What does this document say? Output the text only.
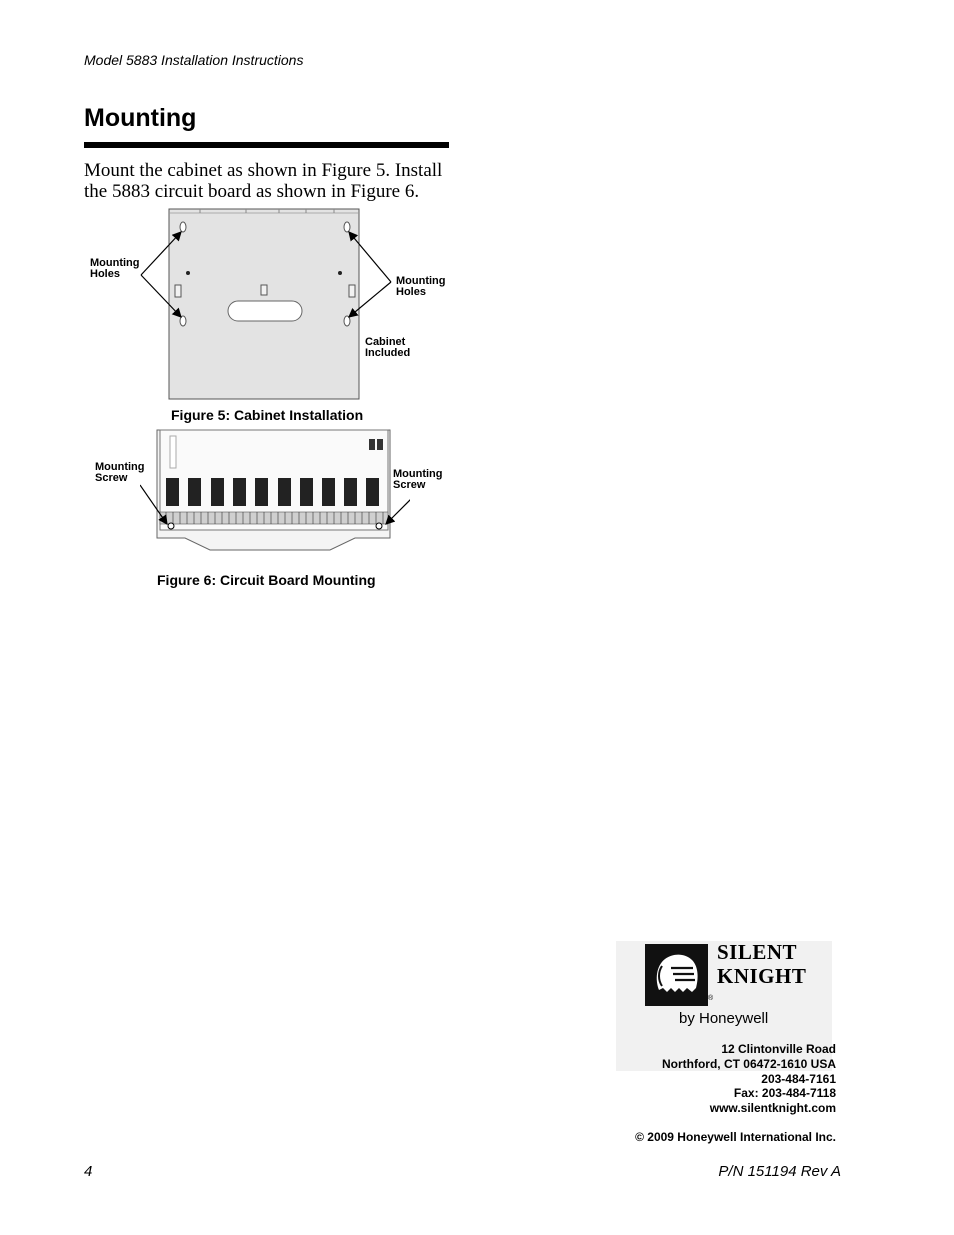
Model 5883 Installation Instructions
Mounting
Mount the cabinet as shown in Figure 5. Install the 5883 circuit board as shown in Figure 6.
Mounting
Holes
Mounting
Holes
Cabinet
Included
Figure 5: Cabinet Installation
Mounting
Screw	Mounting
Screw
Figure 6: Circuit Board Mounting
SILENT
KNIGHT
®
by Honeywell
12 Clintonville Road
Northford, CT 06472-1610 USA
203-484-7161
Fax: 203-484-7118
www.silentknight.com
© 2009 Honeywell International Inc.
4	P/N 151194 Rev A
